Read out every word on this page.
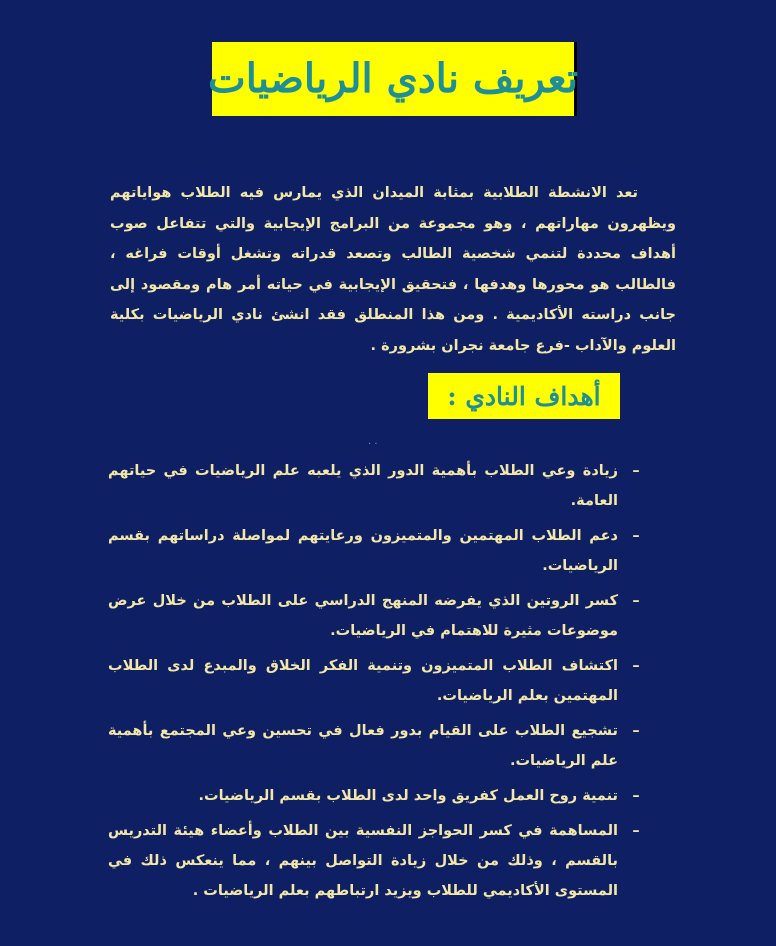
تعريف نادي الرياضيات

تعد الانشطة الطلابية بمثابة الميدان الذي يمارس فيه الطلاب هواياتهم ويظهرون مهاراتهم ، وهو مجموعة من البرامج الإيجابية والتي تتفاعل صوب أهداف محددة لتنمي شخصية الطالب وتصعد قدراته وتشغل أوقات فراغه ، فالطالب هو محورها وهدفها ، فتحقيق الإيجابية في حياته أمر هام ومقصود إلى جانب دراسته الأكاديمية . ومن هذا المنطلق فقد انشئ نادي الرياضيات بكلية العلوم والآداب -فرع جامعة نجران بشرورة .

أهداف النادي :
. .
–
زيادة وعي الطلاب بأهمية الدور الذي يلعبه علم الرياضيات في حياتهم العامة.
–
دعم الطلاب المهتمين والمتميزون ورعايتهم لمواصلة دراساتهم بقسم الرياضيات.
–
كسر الروتين الذي يفرضه المنهج الدراسي على الطلاب من خلال عرض موضوعات مثيرة للاهتمام في الرياضيات.
–
اكتشاف الطلاب المتميزون وتنمية الفكر الخلاق والمبدع لدى الطلاب المهتمين بعلم الرياضيات.
–
تشجيع الطلاب على القيام بدور فعال في تحسين وعي المجتمع بأهمية علم الرياضيات.
–
تنمية روح العمل كفريق واحد لدى الطلاب بقسم الرياضيات.
–
المساهمة في كسر الحواجز النفسية بين الطلاب وأعضاء هيئة التدريس بالقسم ، وذلك من خلال زيادة التواصل بينهم ، مما ينعكس ذلك في المستوى الأكاديمي للطلاب ويزيد ارتباطهم بعلم الرياضيات .
